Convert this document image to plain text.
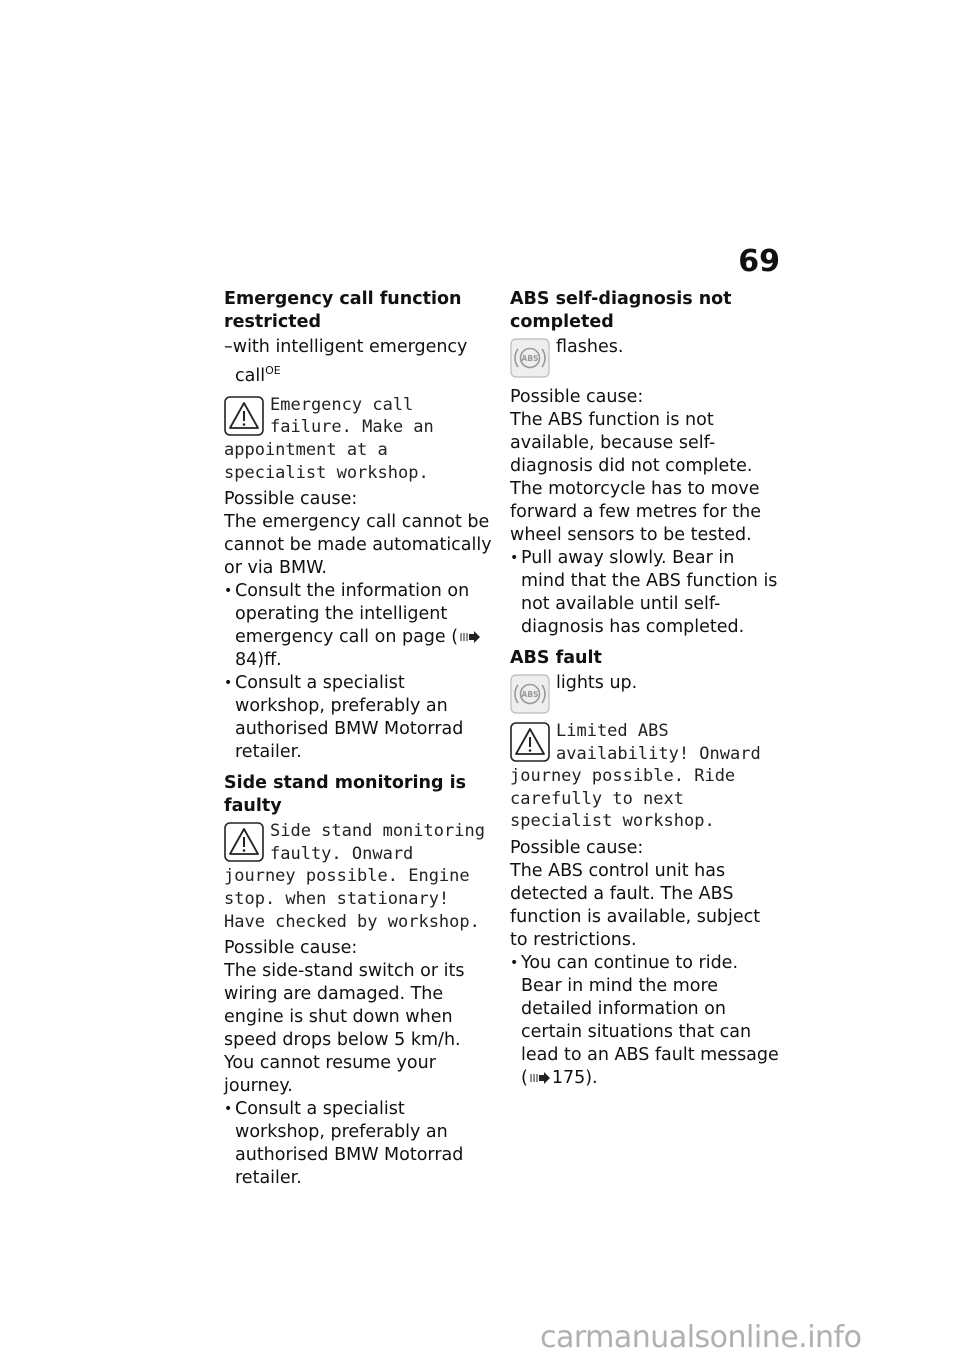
69
Emergency call function
restricted

–with intelligent emergency call$^{OE}$

Emergency call failure. Make an appointment at a specialist workshop.

Possible cause:

The emergency call cannot be cannot be made automatically or via BMW.

• Consult the information on operating the intelligent emergency call on page (84)ff.
• Consult a specialist workshop, preferably an authorised BMW Motorrad retailer.
Side stand monitoring is
faulty
Side stand monitoring faulty. Onward journey possible. Engine stop. when stationary! Have checked by workshop.

Possible cause:

The side-stand switch or its wiring are damaged. The engine is shut down when speed drops below 5 km/h. You cannot resume your journey.

• Consult a specialist workshop, preferably an authorised BMW Motorrad retailer.
ABS self-diagnosis not
completed
ABS

flashes.

Possible cause:

The ABS function is not available, because self-diagnosis did not complete. The motorcycle has to move forward a few metres for the wheel sensors to be tested.

• Pull away slowly. Bear in mind that the ABS function is not available until self-diagnosis has completed.
ABS fault
ABS

lights up.

Limited ABS availability! Onward journey possible. Ride carefully to next specialist workshop.

Possible cause:

The ABS control unit has detected a fault. The ABS function is available, subject to restrictions.

• You can continue to ride. Bear in mind the more detailed information on certain situations that can lead to an ABS fault message ( 175).
carmanualsonline.info
